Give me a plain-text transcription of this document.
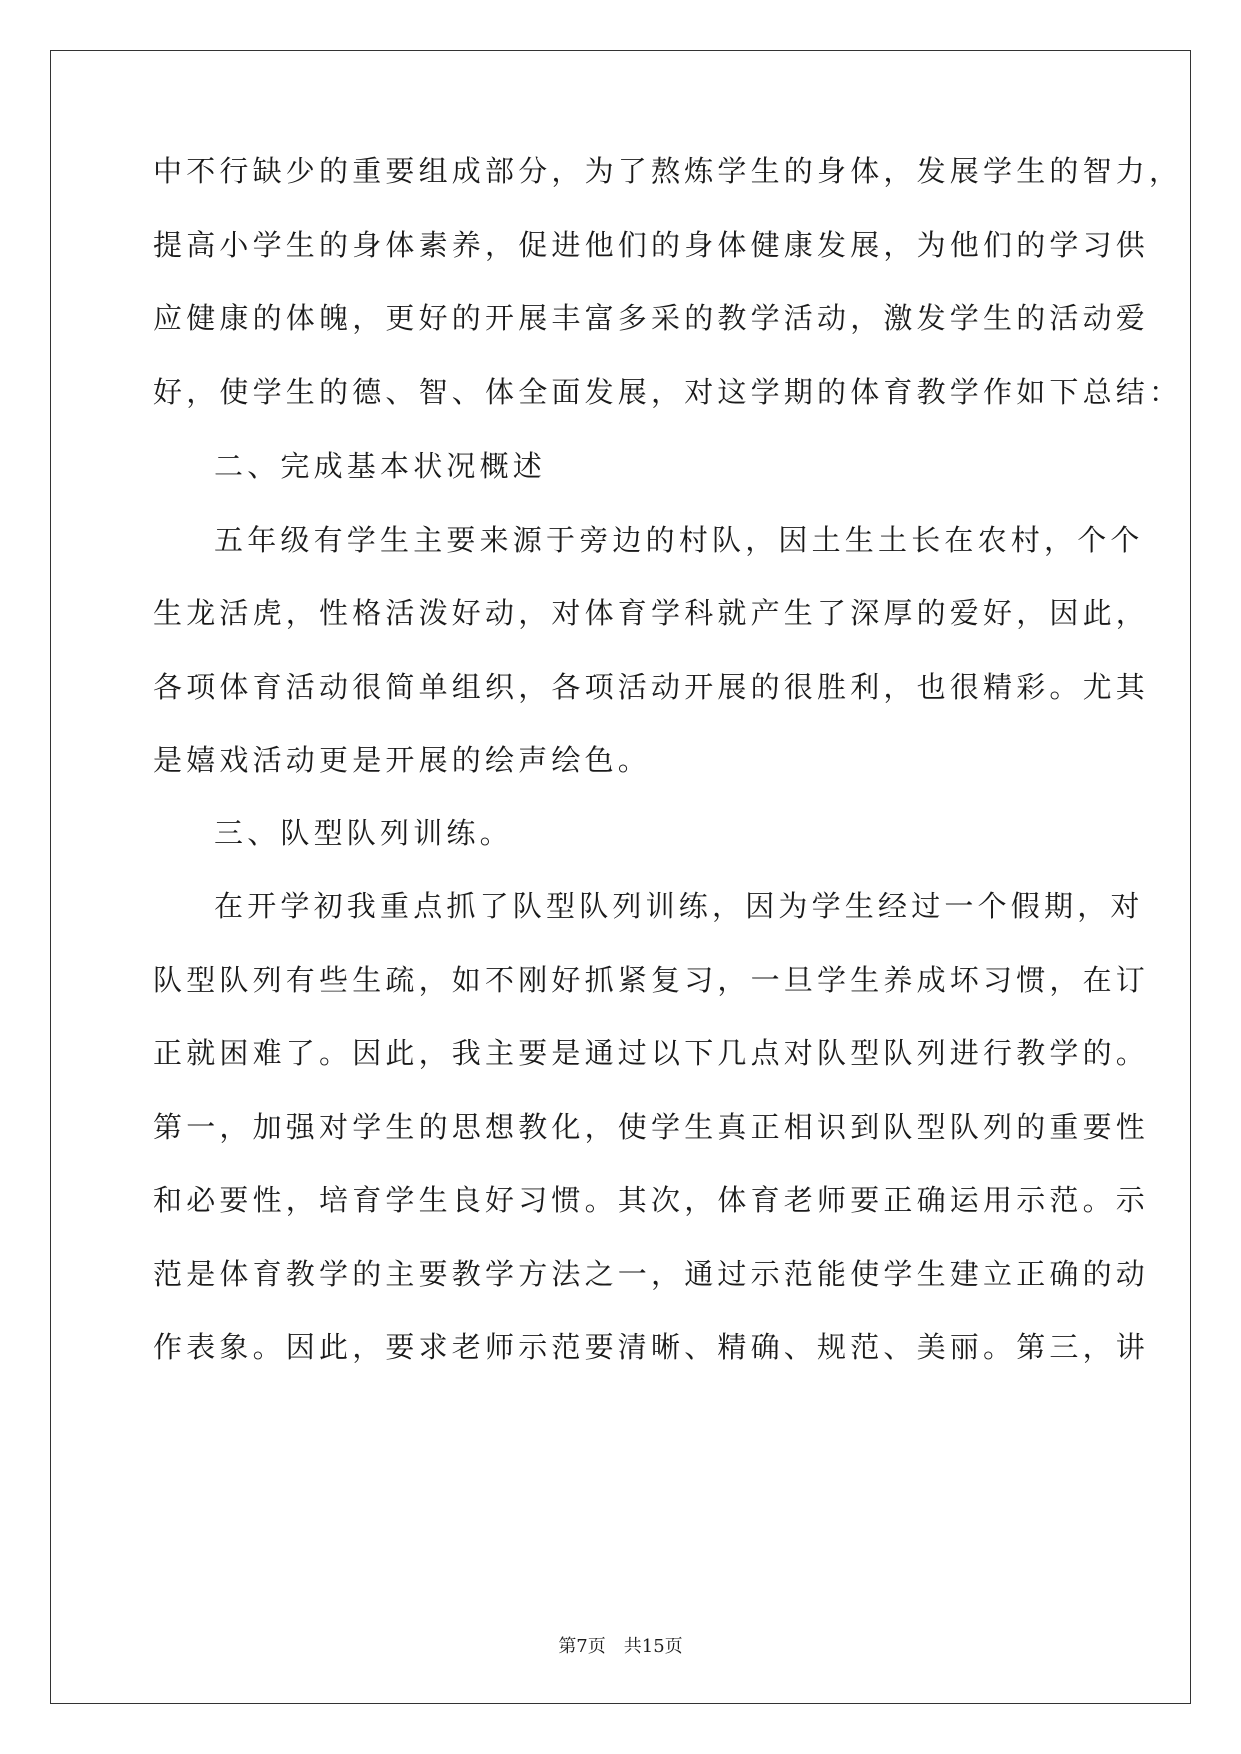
中不行缺少的重要组成部分，为了熬炼学生的身体，发展学生的智力，
提高小学生的身体素养，促进他们的身体健康发展，为他们的学习供
应健康的体魄，更好的开展丰富多采的教学活动，激发学生的活动爱
好，使学生的德、智、体全面发展，对这学期的体育教学作如下总结：
二、完成基本状况概述
五年级有学生主要来源于旁边的村队，因土生土长在农村，个个
生龙活虎，性格活泼好动，对体育学科就产生了深厚的爱好，因此，
各项体育活动很简单组织，各项活动开展的很胜利，也很精彩。尤其
是嬉戏活动更是开展的绘声绘色。
三、队型队列训练。
在开学初我重点抓了队型队列训练，因为学生经过一个假期，对
队型队列有些生疏，如不刚好抓紧复习，一旦学生养成坏习惯，在订
正就困难了。因此，我主要是通过以下几点对队型队列进行教学的。
第一，加强对学生的思想教化，使学生真正相识到队型队列的重要性
和必要性，培育学生良好习惯。其次，体育老师要正确运用示范。示
范是体育教学的主要教学方法之一，通过示范能使学生建立正确的动
作表象。因此，要求老师示范要清晰、精确、规范、美丽。第三，讲
第7页　共15页
